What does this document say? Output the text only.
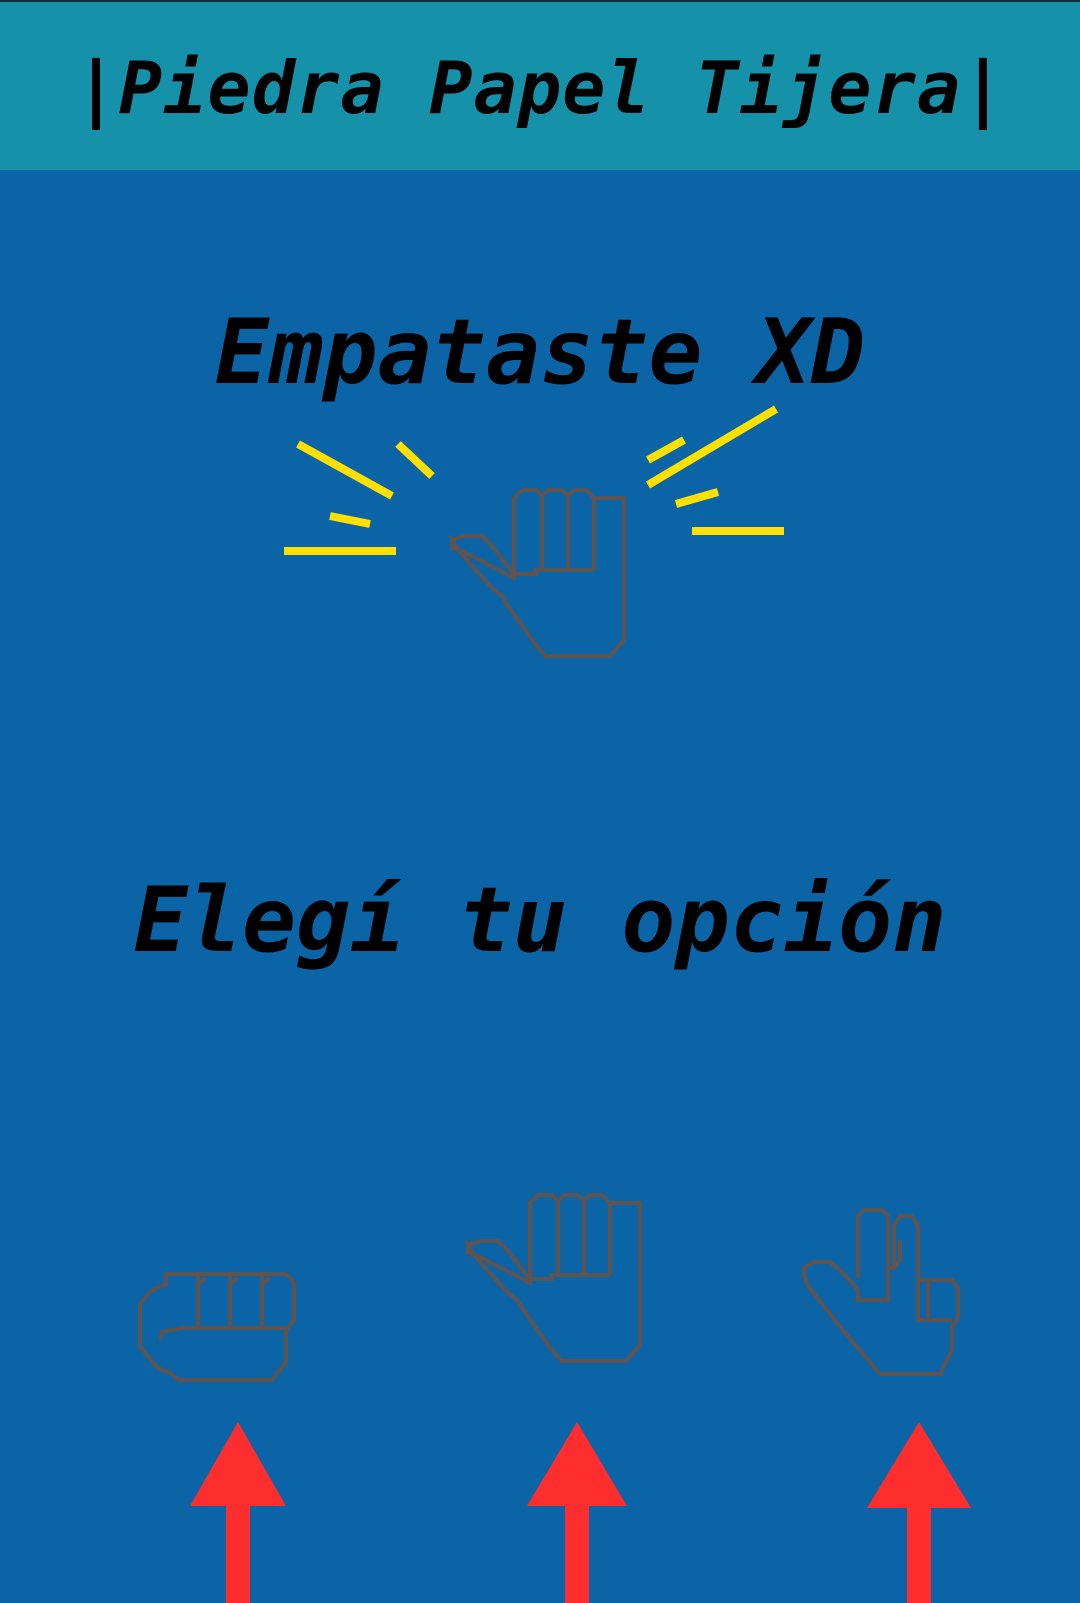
|Piedra Papel Tijera|
Empataste XD
Elegí tu opción
